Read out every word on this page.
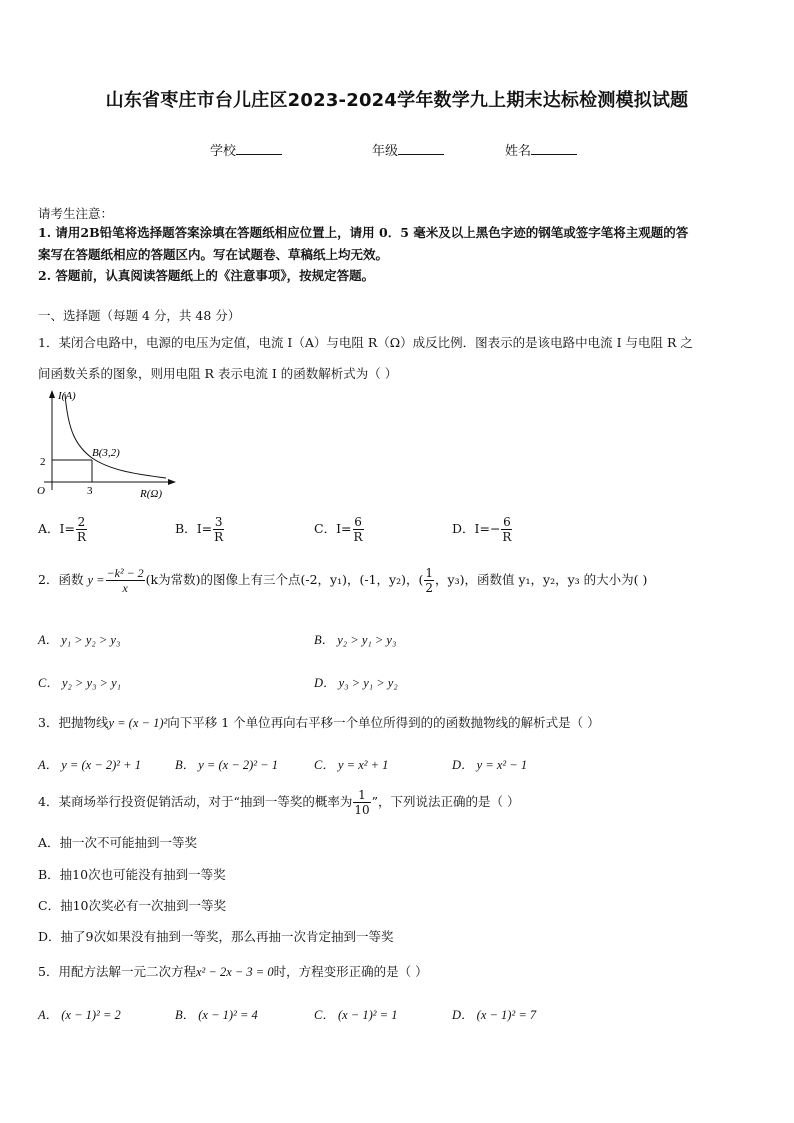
山东省枣庄市台儿庄区2023-2024学年数学九上期末达标检测模拟试题
学校	年级	姓名
请考生注意：
1. 请用2B铅笔将选择题答案涂填在答题纸相应位置上，请用 0．5 毫米及以上黑色字迹的钢笔或签字笔将主观题的答
案写在答题纸相应的答题区内。写在试题卷、草稿纸上均无效。
2. 答题前，认真阅读答题纸上的《注意事项》，按规定答题。
一、选择题（每题 4 分，共 48 分）
1．某闭合电路中，电源的电压为定值，电流 I（A）与电阻 R（Ω）成反比例．图表示的是该电路中电流 I 与电阻 R 之
间函数关系的图象，则用电阻 R 表示电流 I 的函数解析式为（ ）
I(A)
R(Ω)
O
B(3,2)
3
2
A．$I= \frac{2}{R}$	B．$I= \frac{3}{R}$	C．$I= \frac{6}{R}$	D．$I=- \frac{6}{R}$
2．函数 $y = \frac{\text{−k² − 2}}{x} (k$为常数)的图像上有三个点(-2，y₁)，(-1，y₂)，( $\frac{1}{2}$ ，y₃)，函数值 y₁，y₂，y₃ 的大小为( )
A． y₁ > y₂ > y₃	B． y₂ > y₁ > y₃
C． y₂ > y₃ > y₁	D． y₃ > y₁ > y₂
3．把抛物线y = (x − 1)²向下平移 1 个单位再向右平移一个单位所得到的的函数抛物线的解析式是（ ）
A． y = (x − 2)² + 1	B． y = (x − 2)² − 1	C． y = x² + 1	D． y = x² − 1
4．某商场举行投资促销活动，对于“抽到一等奖的概率为 $\frac{1}{10}$ ”，下列说法正确的是（ ）
A．抽一次不可能抽到一等奖
B．抽10次也可能没有抽到一等奖
C．抽10次奖必有一次抽到一等奖
D．抽了9次如果没有抽到一等奖，那么再抽一次肯定抽到一等奖
5．用配方法解一元二次方程x² − 2x − 3 = 0时，方程变形正确的是（ ）
A． (x − 1)² = 2	B． (x − 1)² = 4	C． (x − 1)² = 1	D． (x − 1)² = 7
